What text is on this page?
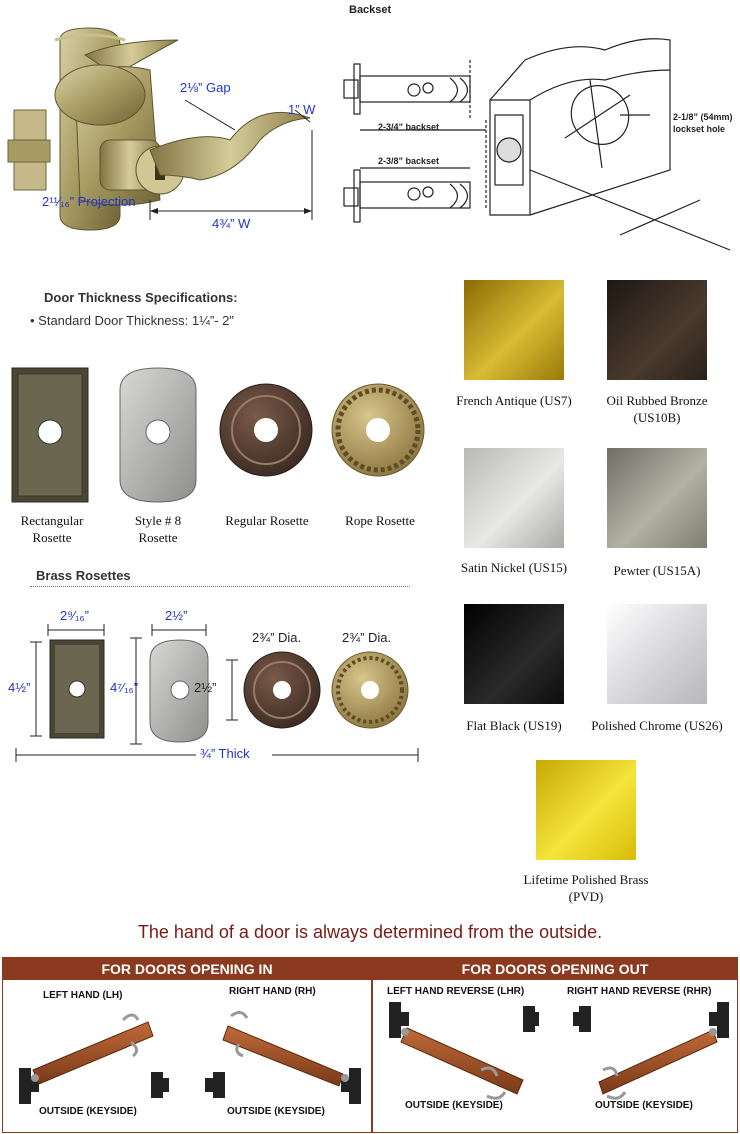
2⅛” Gap
1” W
2¹¹⁄₁₆” Projection
4¾” W
Backset
2-3/4” backset
2-3/8” backset
2-1/8” (54mm)
lockset hole
Door Thickness Specifications:
• Standard Door Thickness: 1¼”- 2”
Rectangular
Rosette
Style # 8
Rosette
Regular Rosette	Rope Rosette
Brass Rosettes
2⁹⁄₁₆”
4½”
2½”
4⁷⁄₁₆”	2½”
2¾” Dia.	2¾” Dia.
¾” Thick
French Antique (US7)	Oil Rubbed Bronze
(US10B)
Satin Nickel (US15)	Pewter (US15A)
Flat Black (US19)	Polished Chrome (US26)
Lifetime Polished Brass
(PVD)
The hand of a door is always determined from the outside.
FOR DOORS OPENING IN	FOR DOORS OPENING OUT
LEFT HAND (LH)	RIGHT HAND (RH)	LEFT HAND REVERSE (LHR)	RIGHT HAND REVERSE (RHR)
OUTSIDE (KEYSIDE)	OUTSIDE (KEYSIDE)
OUTSIDE (KEYSIDE)	OUTSIDE (KEYSIDE)
